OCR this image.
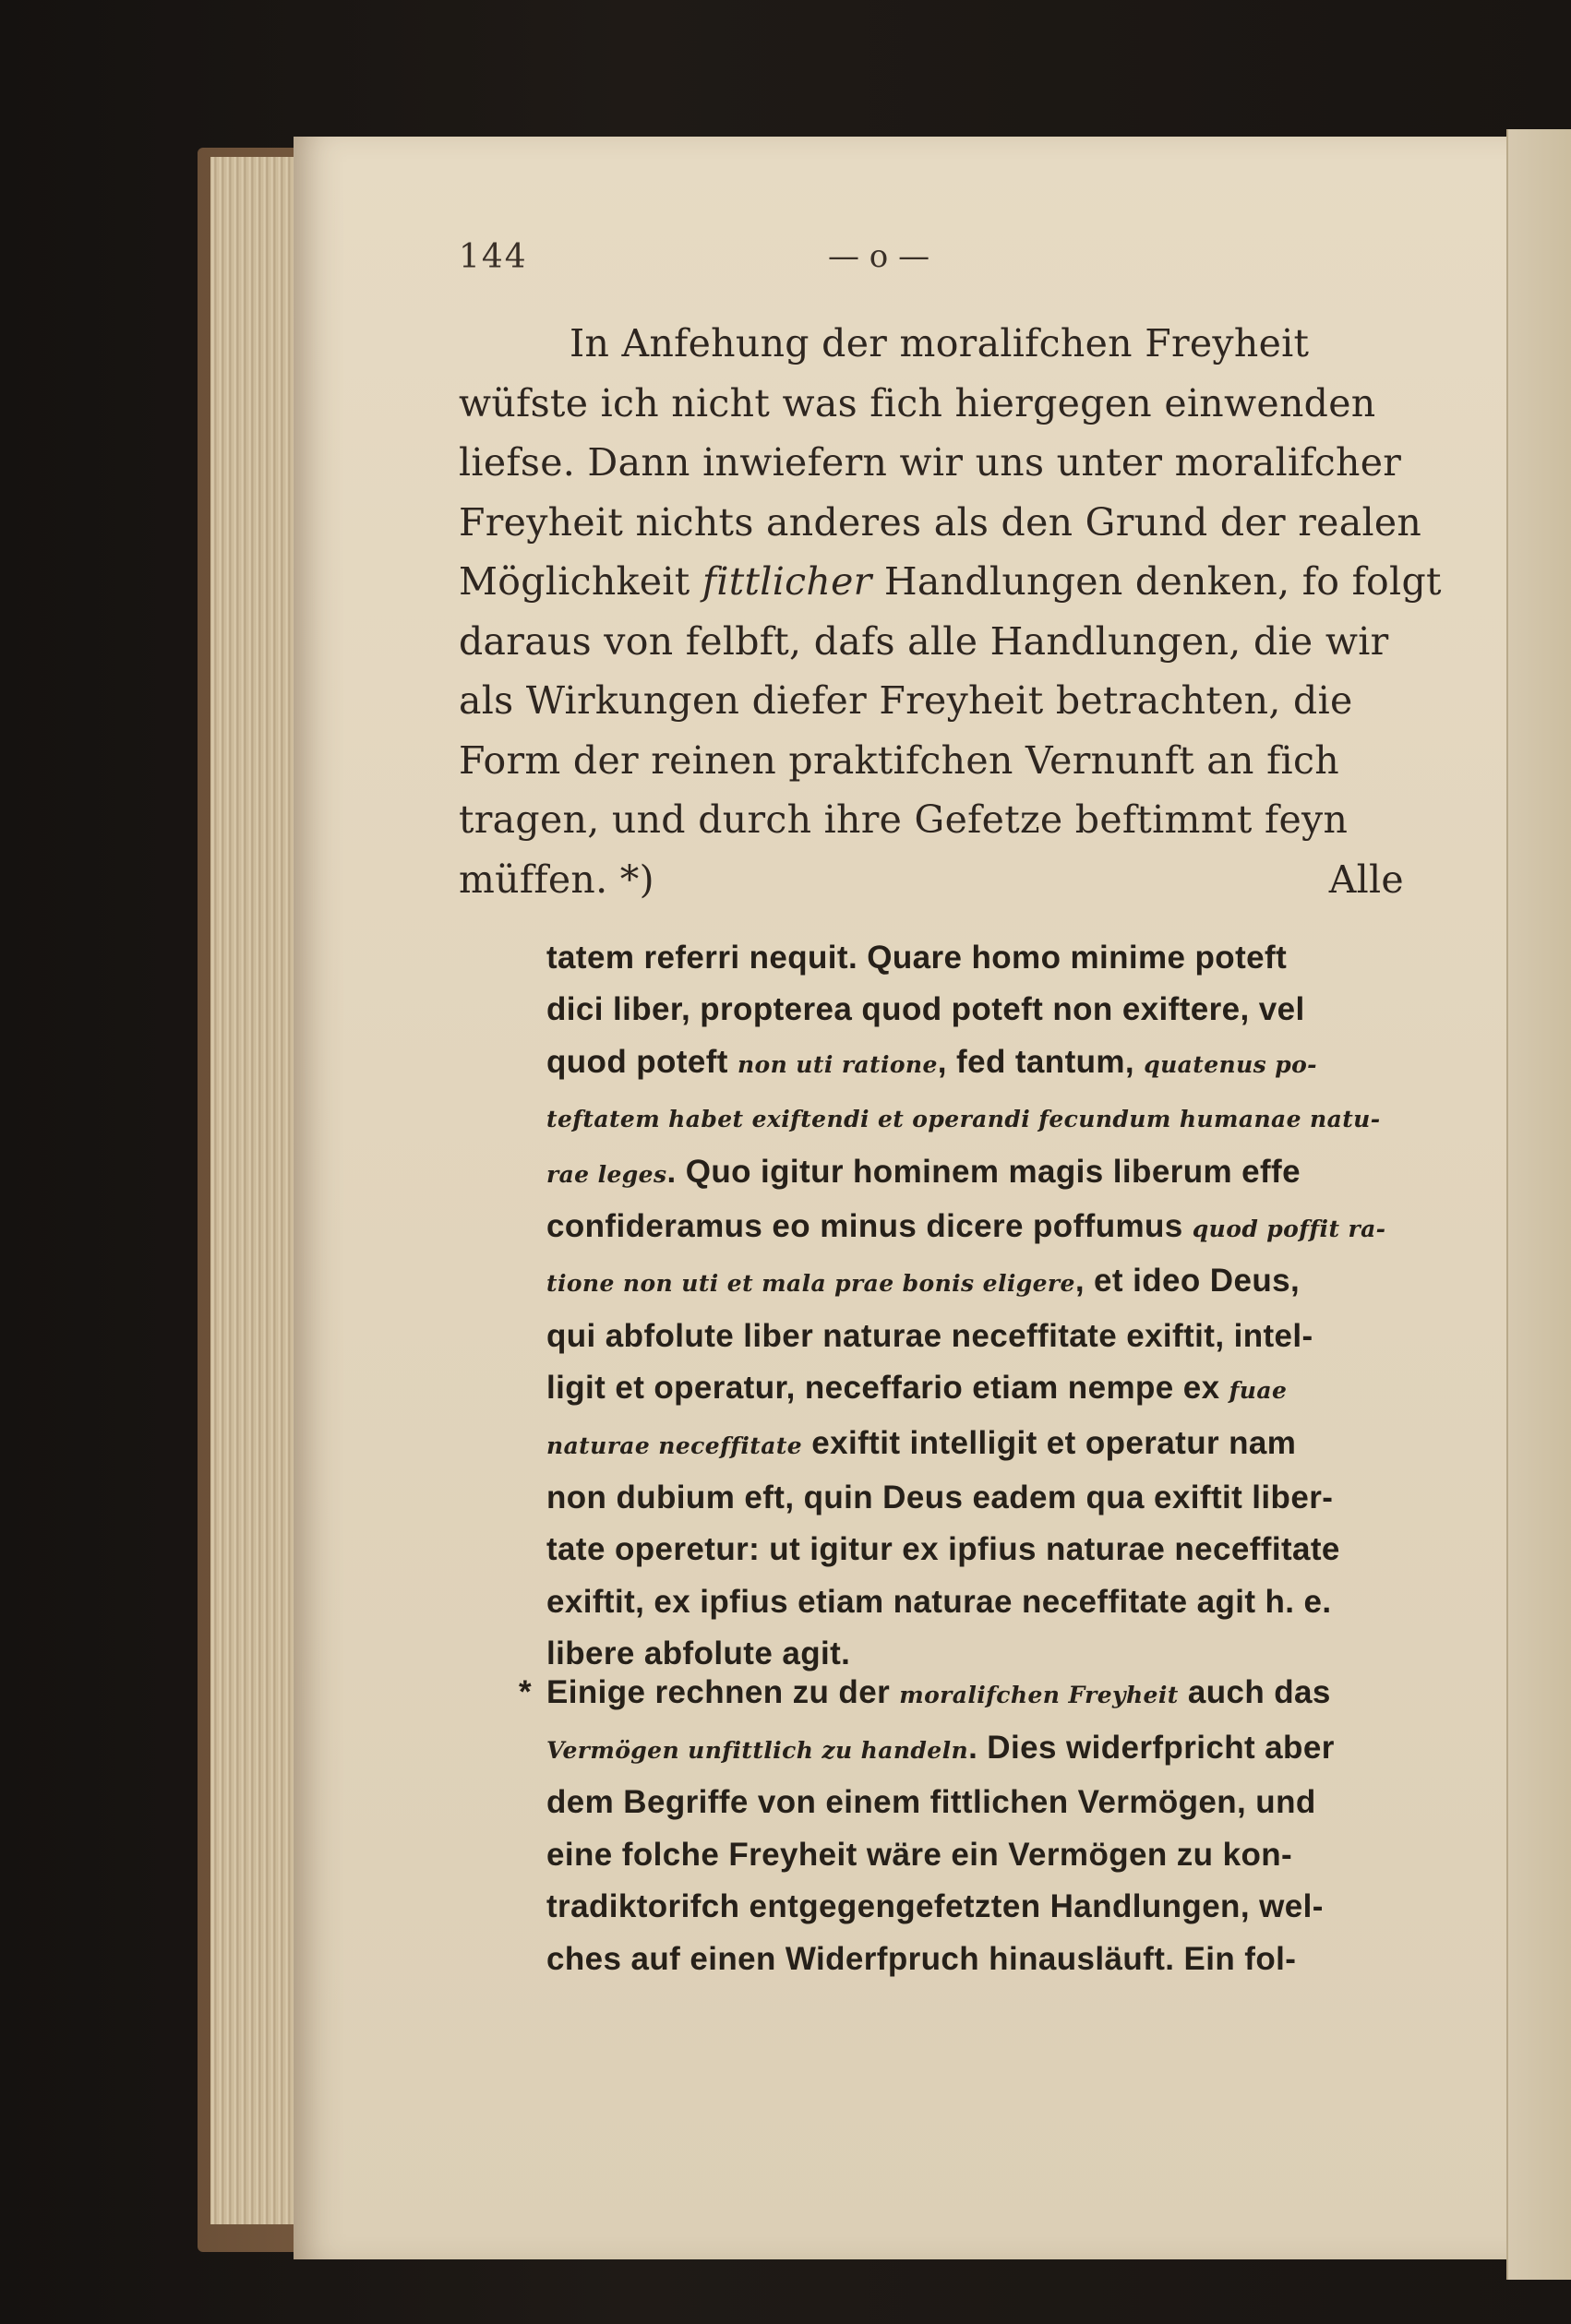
144	— o —
In Anfehung der moralifchen Freyheit
wüfste ich nicht was fich hiergegen einwenden
liefse. Dann inwiefern wir uns unter moralifcher
Freyheit nichts anderes als den Grund der realen
Möglichkeit fittlicher Handlungen denken, fo folgt
daraus von felbft, dafs alle Handlungen, die wir
als Wirkungen diefer Freyheit betrachten, die
Form der reinen praktifchen Vernunft an fich
tragen, und durch ihre Gefetze beftimmt feyn
müffen. *)	Alle
tatem referri nequit. Quare homo minime poteft
dici liber, propterea quod poteft non exiftere, vel
quod poteft non uti ratione, fed tantum, quatenus po-
teftatem habet exiftendi et operandi fecundum humanae natu-
rae leges. Quo igitur hominem magis liberum effe
confideramus eo minus dicere poffumus quod poffit ra-
tione non uti et mala prae bonis eligere, et ideo Deus,
qui abfolute liber naturae neceffitate exiftit, intel-
ligit et operatur, neceffario etiam nempe ex fuae
naturae neceffitate exiftit intelligit et operatur nam
non dubium eft, quin Deus eadem qua exiftit liber-
tate operetur: ut igitur ex ipfius naturae neceffitate
exiftit, ex ipfius etiam naturae neceffitate agit h. e.
libere abfolute agit.
* Einige rechnen zu der moralifchen Freyheit auch das
Vermögen unfittlich zu handeln. Dies widerfpricht aber
dem Begriffe von einem fittlichen Vermögen, und
eine folche Freyheit wäre ein Vermögen zu kon-
tradiktorifch entgegengefetzten Handlungen, wel-
ches auf einen Widerfpruch hinausläuft. Ein fol-
